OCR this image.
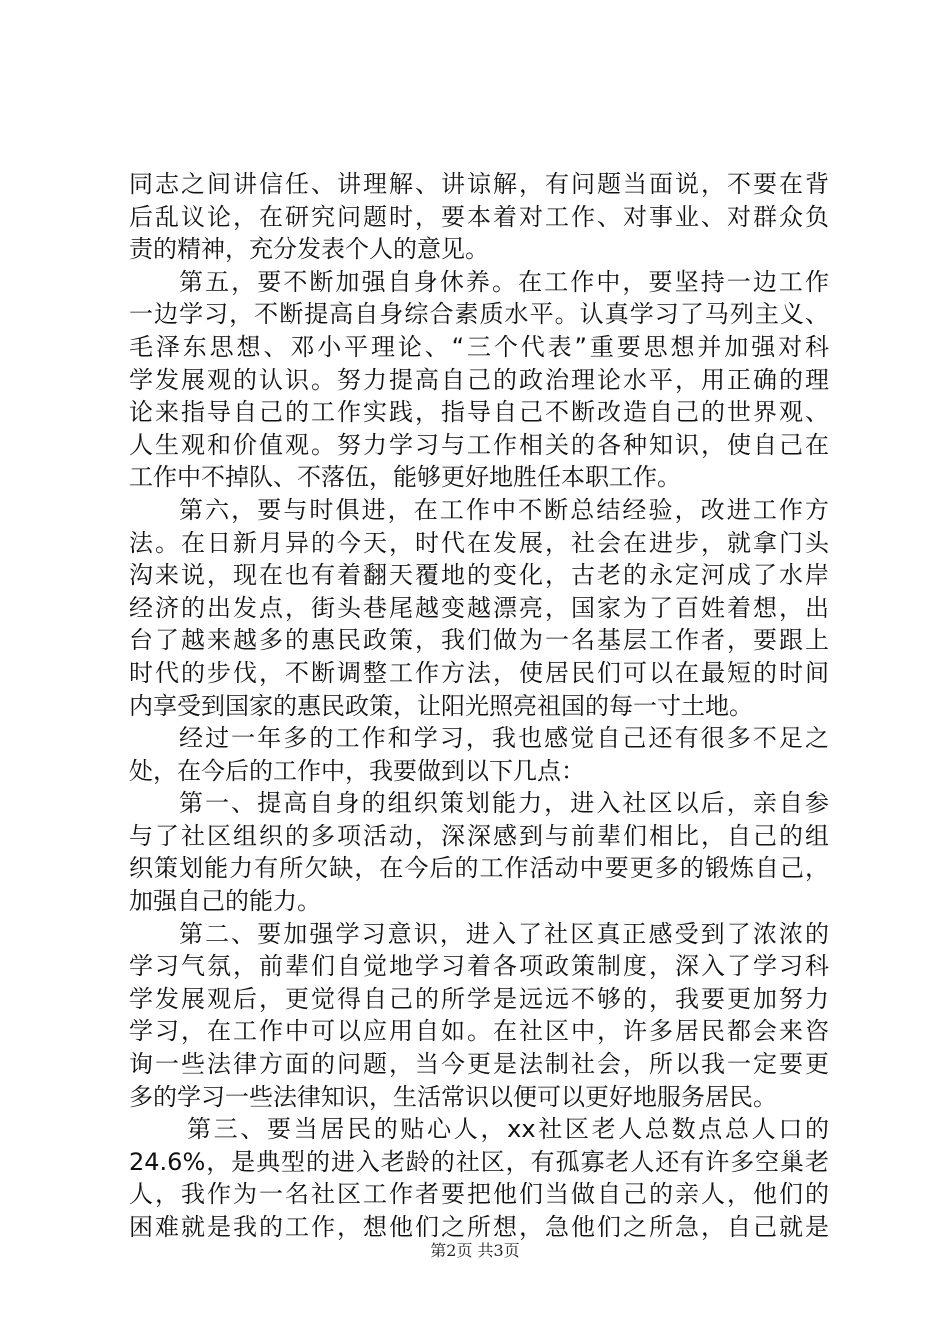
同志之间讲信任、讲理解、讲谅解，有问题当面说，不要在背
后乱议论，在研究问题时，要本着对工作、对事业、对群众负
责的精神，充分发表个人的意见。
第五，要不断加强自身休养。在工作中，要坚持一边工作
一边学习，不断提高自身综合素质水平。认真学习了马列主义、
毛泽东思想、邓小平理论、“三个代表”重要思想并加强对科
学发展观的认识。努力提高自己的政治理论水平，用正确的理
论来指导自己的工作实践，指导自己不断改造自己的世界观、
人生观和价值观。努力学习与工作相关的各种知识，使自己在
工作中不掉队、不落伍，能够更好地胜任本职工作。
第六，要与时俱进，在工作中不断总结经验，改进工作方
法。在日新月异的今天，时代在发展，社会在进步，就拿门头
沟来说，现在也有着翻天覆地的变化，古老的永定河成了水岸
经济的出发点，街头巷尾越变越漂亮，国家为了百姓着想，出
台了越来越多的惠民政策，我们做为一名基层工作者，要跟上
时代的步伐，不断调整工作方法，使居民们可以在最短的时间
内享受到国家的惠民政策，让阳光照亮祖国的每一寸土地。
经过一年多的工作和学习，我也感觉自己还有很多不足之
处，在今后的工作中，我要做到以下几点：
第一、提高自身的组织策划能力，进入社区以后，亲自参
与了社区组织的多项活动，深深感到与前辈们相比，自己的组
织策划能力有所欠缺，在今后的工作活动中要更多的锻炼自己，
加强自己的能力。
第二、要加强学习意识，进入了社区真正感受到了浓浓的
学习气氛，前辈们自觉地学习着各项政策制度，深入了学习科
学发展观后，更觉得自己的所学是远远不够的，我要更加努力
学习，在工作中可以应用自如。在社区中，许多居民都会来咨
询一些法律方面的问题，当今更是法制社会，所以我一定要更
多的学习一些法律知识，生活常识以便可以更好地服务居民。
第三、要当居民的贴心人，xx社区老人总数点总人口的
24.6%，是典型的进入老龄的社区，有孤寡老人还有许多空巢老
人，我作为一名社区工作者要把他们当做自己的亲人，他们的
困难就是我的工作，想他们之所想，急他们之所急，自己就是
第2页 共3页
